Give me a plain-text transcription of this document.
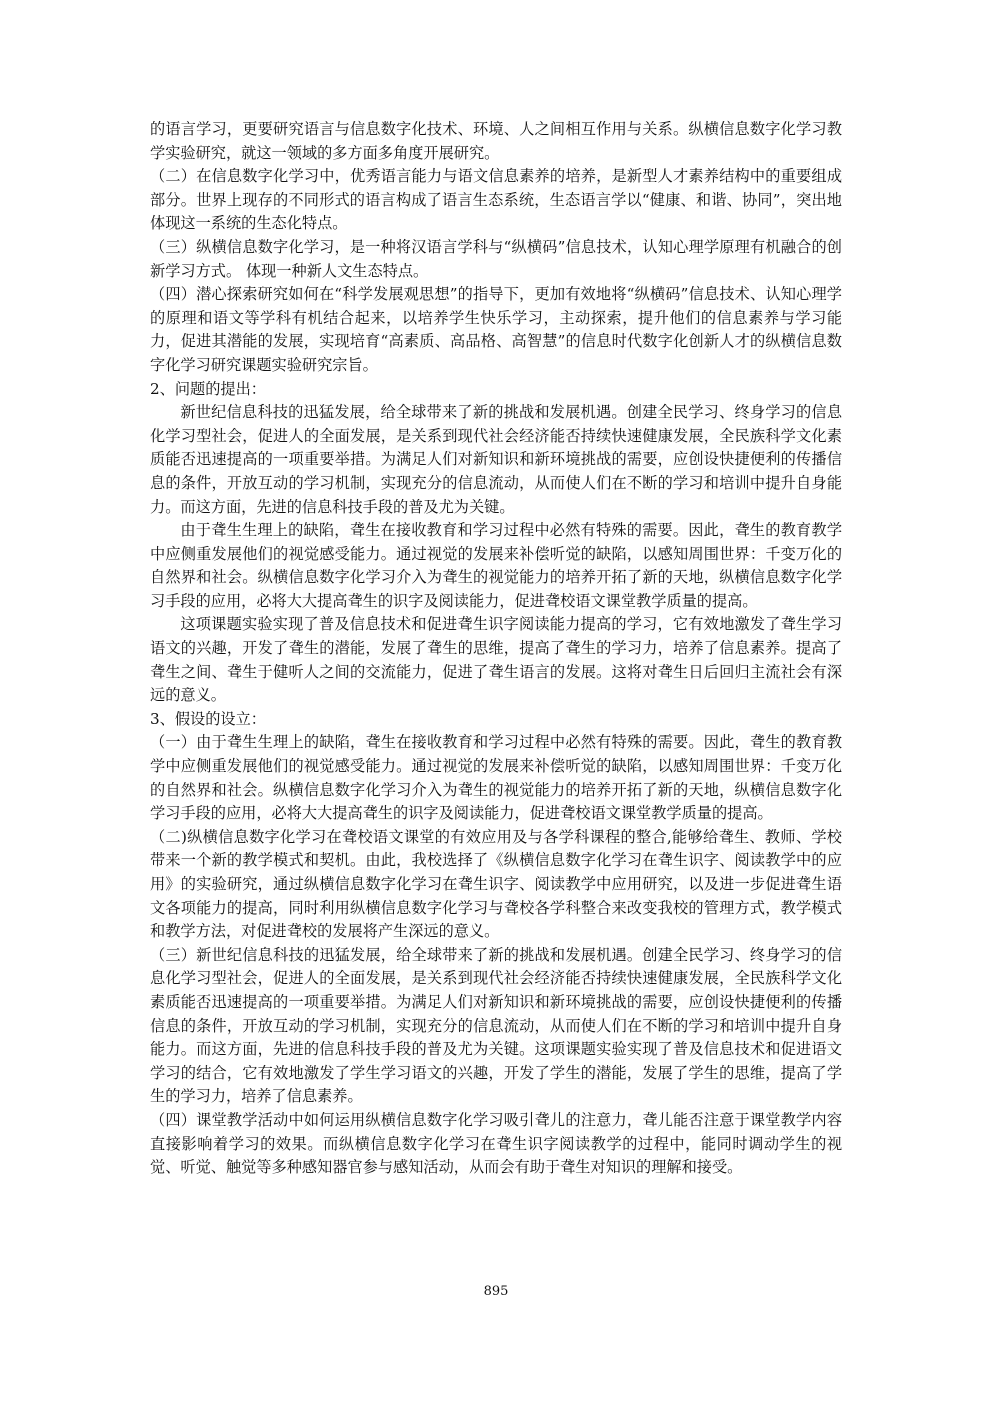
的语言学习，更要研究语言与信息数字化技术、环境、人之间相互作用与关系。纵横信息数字化学习教学实验研究，就这一领域的多方面多角度开展研究。

（二）在信息数字化学习中，优秀语言能力与语文信息素养的培养，是新型人才素养结构中的重要组成部分。世界上现存的不同形式的语言构成了语言生态系统，生态语言学以“健康、和谐、协同”，突出地体现这一系统的生态化特点。

（三）纵横信息数字化学习，是一种将汉语言学科与“纵横码”信息技术，认知心理学原理有机融合的创新学习方式。 体现一种新人文生态特点。

（四）潜心探索研究如何在“科学发展观思想”的指导下，更加有效地将“纵横码”信息技术、认知心理学的原理和语文等学科有机结合起来，以培养学生快乐学习，主动探索，提升他们的信息素养与学习能力，促进其潜能的发展，实现培育“高素质、高品格、高智慧”的信息时代数字化创新人才的纵横信息数字化学习研究课题实验研究宗旨。

2、问题的提出：

新世纪信息科技的迅猛发展，给全球带来了新的挑战和发展机遇。创建全民学习、终身学习的信息化学习型社会，促进人的全面发展，是关系到现代社会经济能否持续快速健康发展，全民族科学文化素质能否迅速提高的一项重要举措。为满足人们对新知识和新环境挑战的需要，应创设快捷便利的传播信息的条件，开放互动的学习机制，实现充分的信息流动，从而使人们在不断的学习和培训中提升自身能力。而这方面，先进的信息科技手段的普及尤为关键。

由于聋生生理上的缺陷，聋生在接收教育和学习过程中必然有特殊的需要。因此，聋生的教育教学中应侧重发展他们的视觉感受能力。通过视觉的发展来补偿听觉的缺陷，以感知周围世界：千变万化的自然界和社会。纵横信息数字化学习介入为聋生的视觉能力的培养开拓了新的天地，纵横信息数字化学习手段的应用，必将大大提高聋生的识字及阅读能力，促进聋校语文课堂教学质量的提高。

这项课题实验实现了普及信息技术和促进聋生识字阅读能力提高的学习，它有效地激发了聋生学习语文的兴趣，开发了聋生的潜能，发展了聋生的思维，提高了聋生的学习力，培养了信息素养。提高了聋生之间、聋生于健听人之间的交流能力，促进了聋生语言的发展。这将对聋生日后回归主流社会有深远的意义。

3、假设的设立：

（一）由于聋生生理上的缺陷，聋生在接收教育和学习过程中必然有特殊的需要。因此，聋生的教育教学中应侧重发展他们的视觉感受能力。通过视觉的发展来补偿听觉的缺陷，以感知周围世界：千变万化的自然界和社会。纵横信息数字化学习介入为聋生的视觉能力的培养开拓了新的天地，纵横信息数字化学习手段的应用，必将大大提高聋生的识字及阅读能力，促进聋校语文课堂教学质量的提高。

（二)纵横信息数字化学习在聋校语文课堂的有效应用及与各学科课程的整合,能够给聋生、教师、学校带来一个新的教学模式和契机。由此，我校选择了《纵横信息数字化学习在聋生识字、阅读教学中的应用》的实验研究，通过纵横信息数字化学习在聋生识字、阅读教学中应用研究，以及进一步促进聋生语文各项能力的提高，同时利用纵横信息数字化学习与聋校各学科整合来改变我校的管理方式，教学模式和教学方法，对促进聋校的发展将产生深远的意义。

（三）新世纪信息科技的迅猛发展，给全球带来了新的挑战和发展机遇。创建全民学习、终身学习的信息化学习型社会，促进人的全面发展，是关系到现代社会经济能否持续快速健康发展，全民族科学文化素质能否迅速提高的一项重要举措。为满足人们对新知识和新环境挑战的需要，应创设快捷便利的传播信息的条件，开放互动的学习机制，实现充分的信息流动，从而使人们在不断的学习和培训中提升自身能力。而这方面，先进的信息科技手段的普及尤为关键。这项课题实验实现了普及信息技术和促进语文学习的结合，它有效地激发了学生学习语文的兴趣，开发了学生的潜能，发展了学生的思维，提高了学生的学习力，培养了信息素养。

（四）课堂教学活动中如何运用纵横信息数字化学习吸引聋儿的注意力，聋儿能否注意于课堂教学内容直接影响着学习的效果。而纵横信息数字化学习在聋生识字阅读教学的过程中，能同时调动学生的视觉、听觉、触觉等多种感知器官参与感知活动，从而会有助于聋生对知识的理解和接受。

895
